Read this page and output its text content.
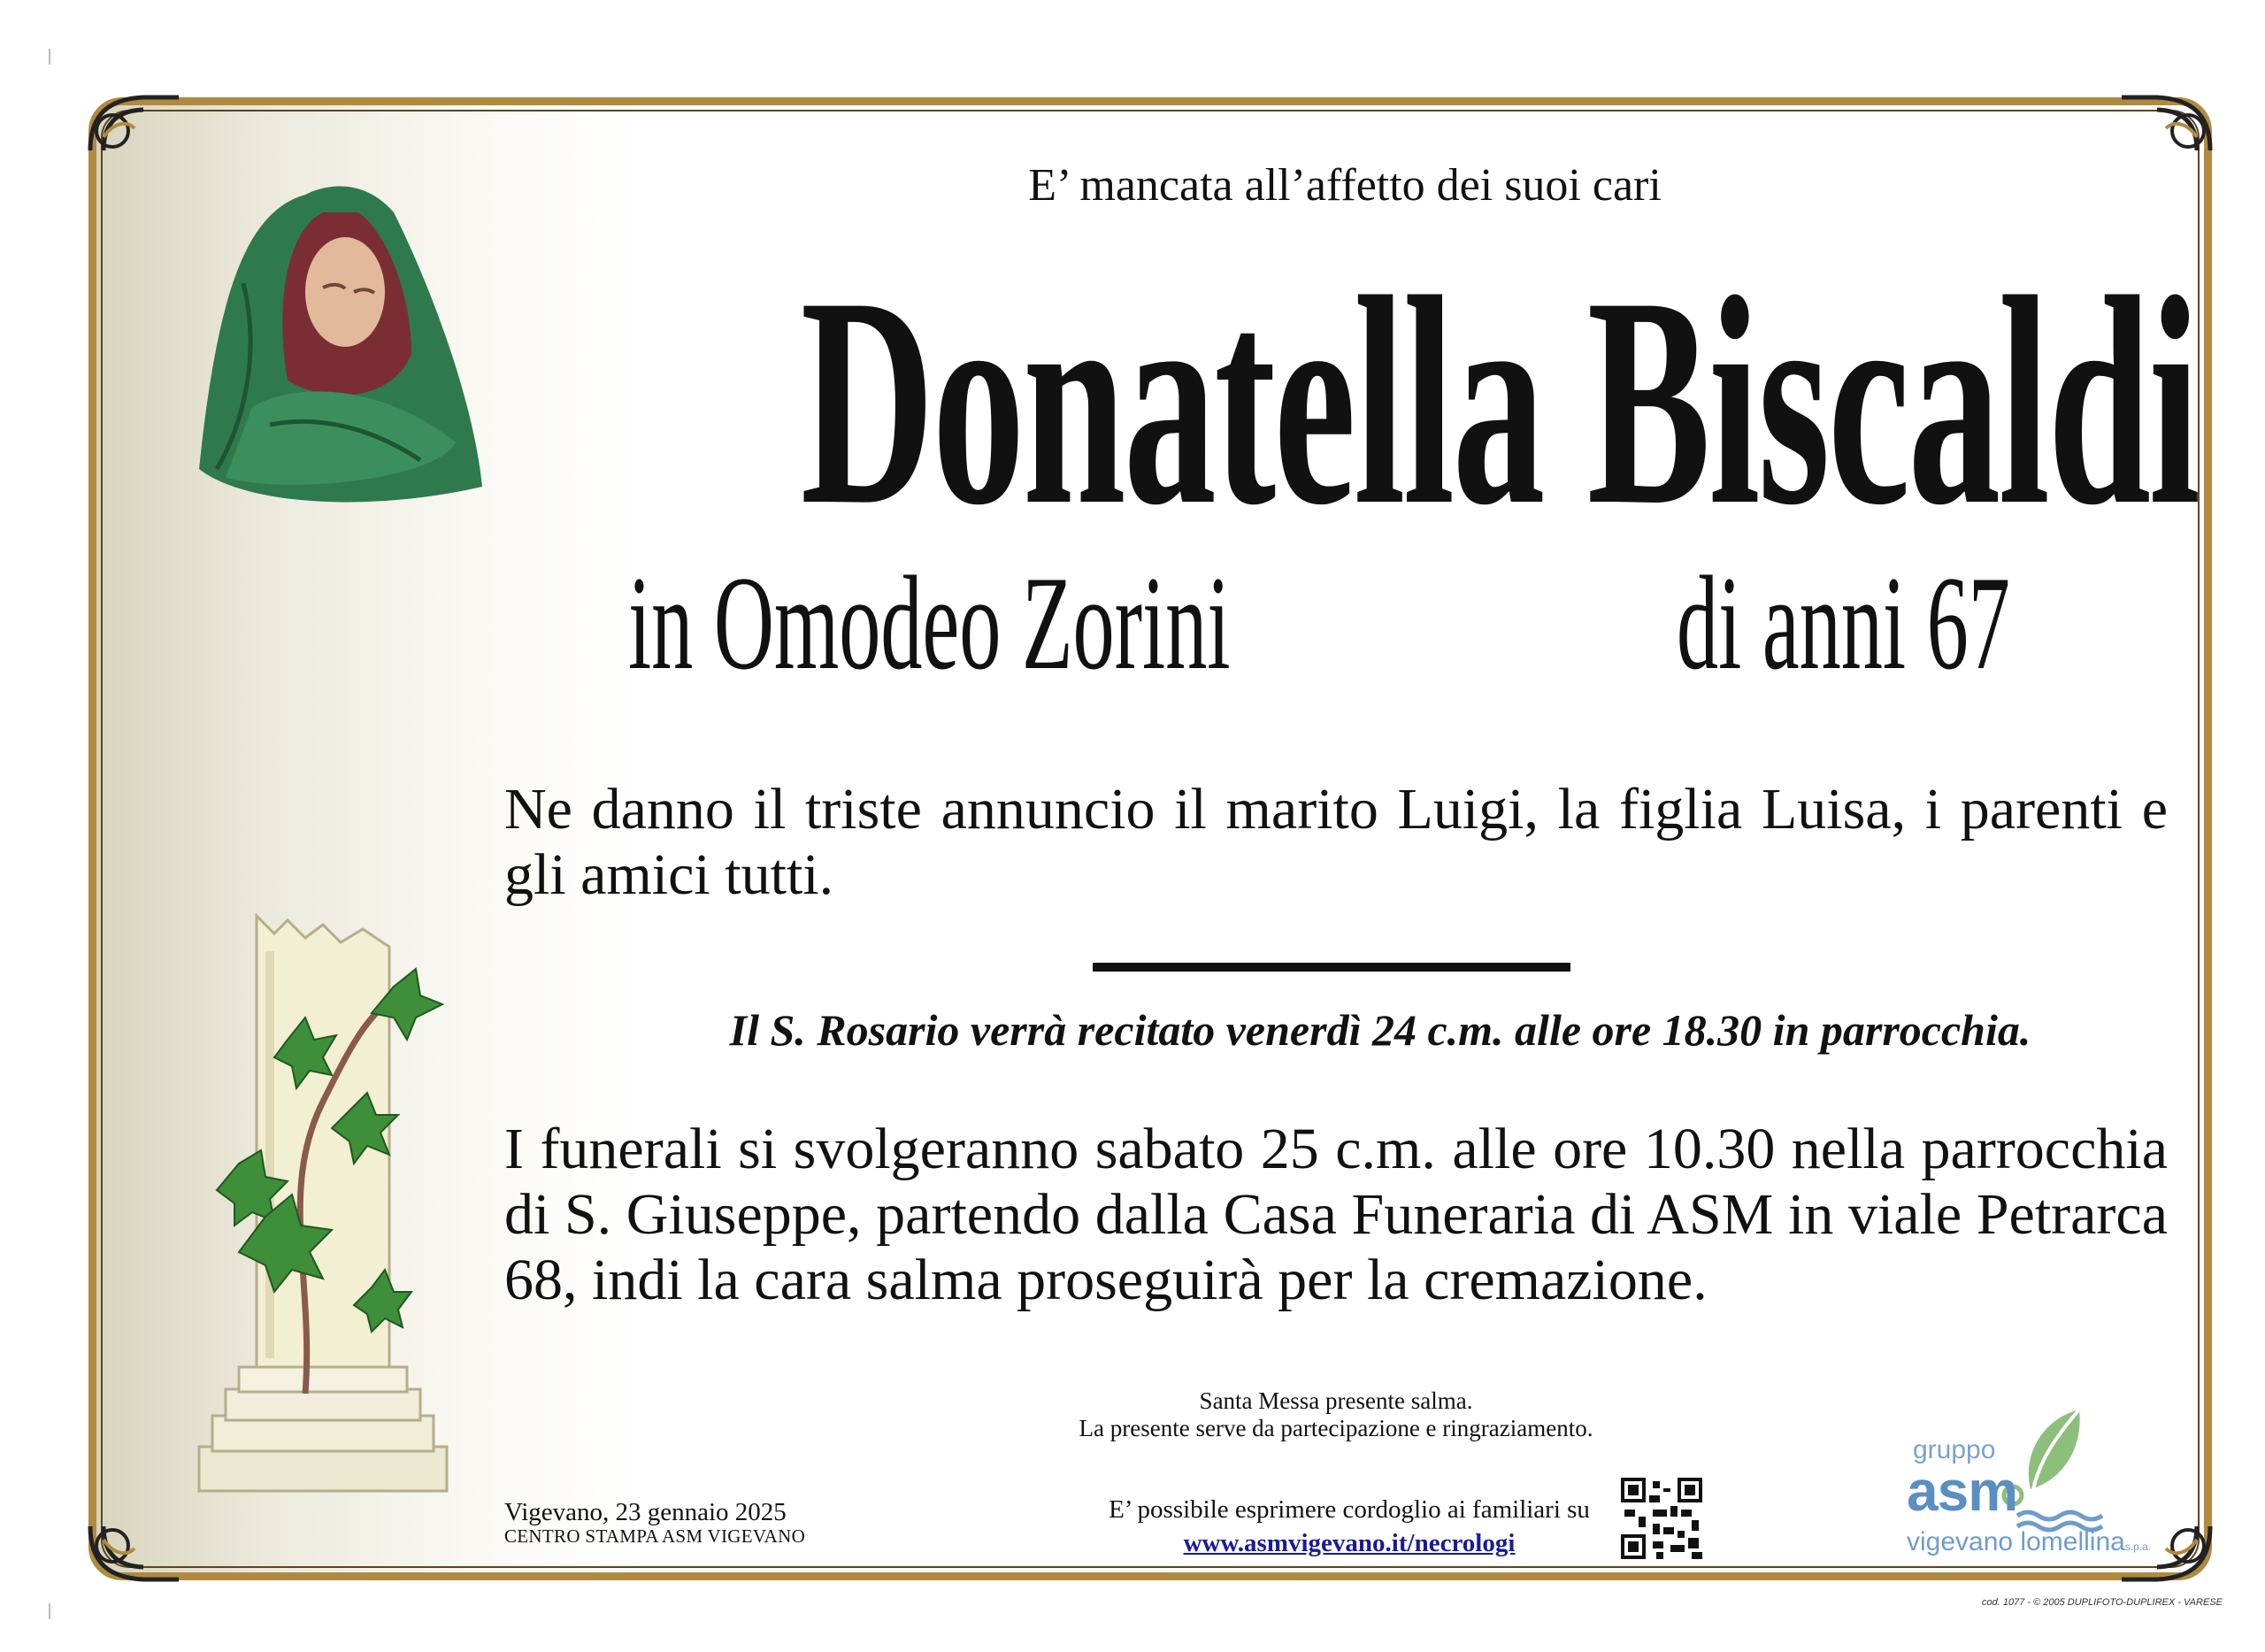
E’ mancata all’affetto dei suoi cari
Donatella Biscaldi
in Omodeo Zorini	di anni 67
Ne danno il triste annuncio il marito Luigi, la figlia Luisa, i parenti e gli amici tutti.
Il S. Rosario verrà recitato venerdì 24 c.m. alle ore 18.30 in parrocchia.
I funerali si svolgeranno sabato 25 c.m. alle ore 10.30 nella parrocchia di S. Giuseppe, partendo dalla Casa Funeraria di ASM in viale Petrarca 68, indi la cara salma proseguirà per la cremazione.
Santa Messa presente salma.
La presente serve da partecipazione e ringraziamento.
E’ possibile esprimere cordoglio ai familiari su
www.asmvigevano.it/necrologi
Vigevano, 23 gennaio 2025
CENTRO STAMPA ASM VIGEVANO
gruppo
asm
vigevano lomellinas.p.a.
cod. 1077 - © 2005 DUPLIFOTO-DUPLIREX - VARESE
